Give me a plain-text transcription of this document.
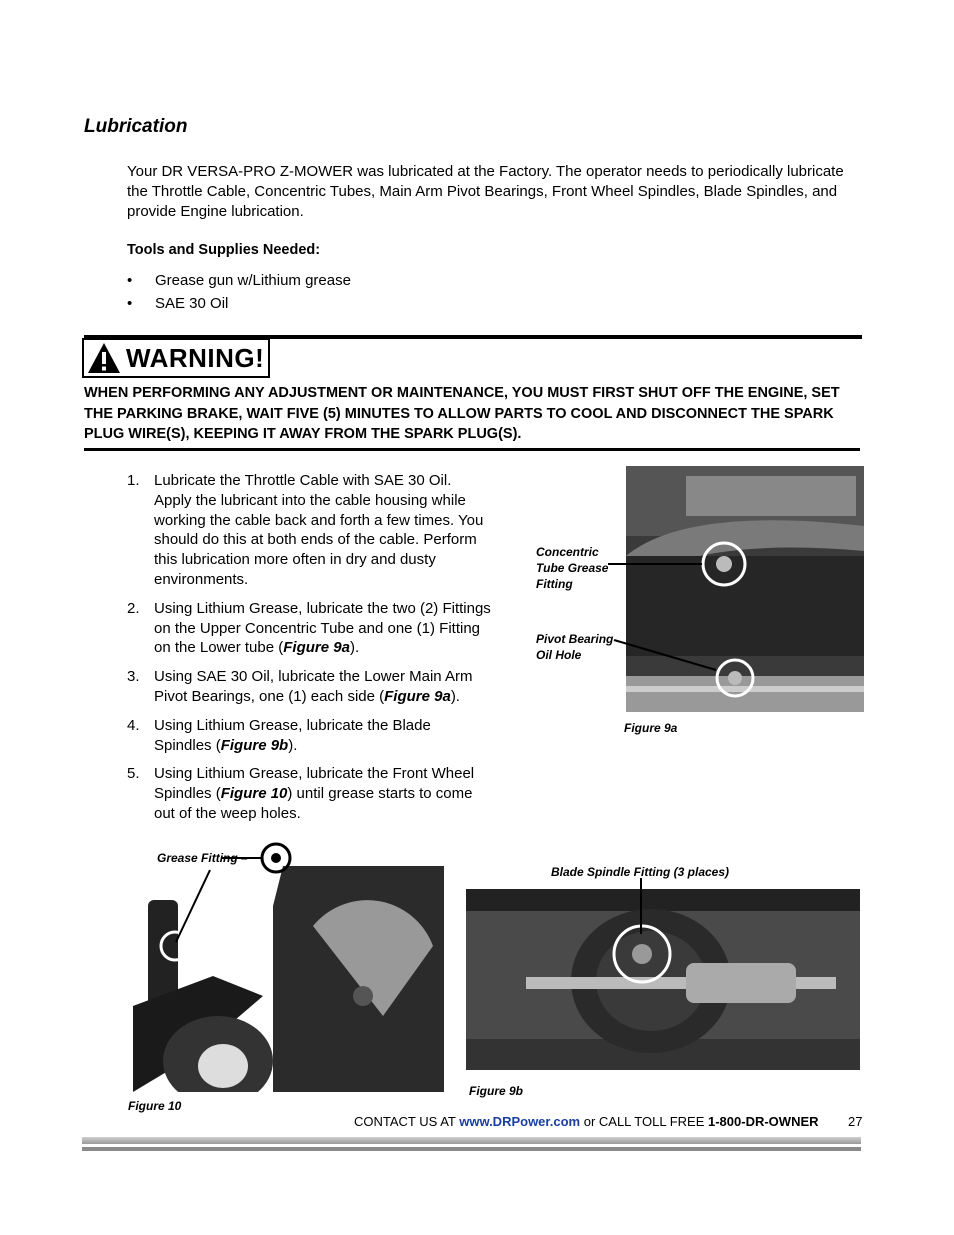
Lubrication
Your DR VERSA-PRO Z-MOWER was lubricated at the Factory. The operator needs to periodically lubricate the Throttle Cable, Concentric Tubes, Main Arm Pivot Bearings, Front Wheel Spindles, Blade Spindles, and provide Engine lubrication.
Tools and Supplies Needed:
• Grease gun w/Lithium grease
• SAE 30 Oil
WARNING!
WHEN PERFORMING ANY ADJUSTMENT OR MAINTENANCE, YOU MUST FIRST SHUT OFF THE ENGINE, SET THE PARKING BRAKE, WAIT FIVE (5) MINUTES TO ALLOW PARTS TO COOL AND DISCONNECT THE SPARK PLUG WIRE(S), KEEPING IT AWAY FROM THE SPARK PLUG(S).
1. Lubricate the Throttle Cable with SAE 30 Oil. Apply the lubricant into the cable housing while working the cable back and forth a few times. You should do this at both ends of the cable. Perform this lubrication more often in dry and dusty environments.
2. Using Lithium Grease, lubricate the two (2) Fittings on the Upper Concentric Tube and one (1) Fitting on the Lower tube (Figure 9a).
3. Using SAE 30 Oil, lubricate the Lower Main Arm Pivot Bearings, one (1) each side (Figure 9a).
4. Using Lithium Grease, lubricate the Blade Spindles (Figure 9b).
5. Using Lithium Grease, lubricate the Front Wheel Spindles (Figure 10) until grease starts to come out of the weep holes.
Concentric Tube Grease Fitting
Pivot Bearing Oil Hole
Figure 9a
Grease Fitting
Figure 10
Blade Spindle Fitting (3 places)
Figure 9b
CONTACT US AT www.DRPower.com or CALL TOLL FREE 1-800-DR-OWNER 27
